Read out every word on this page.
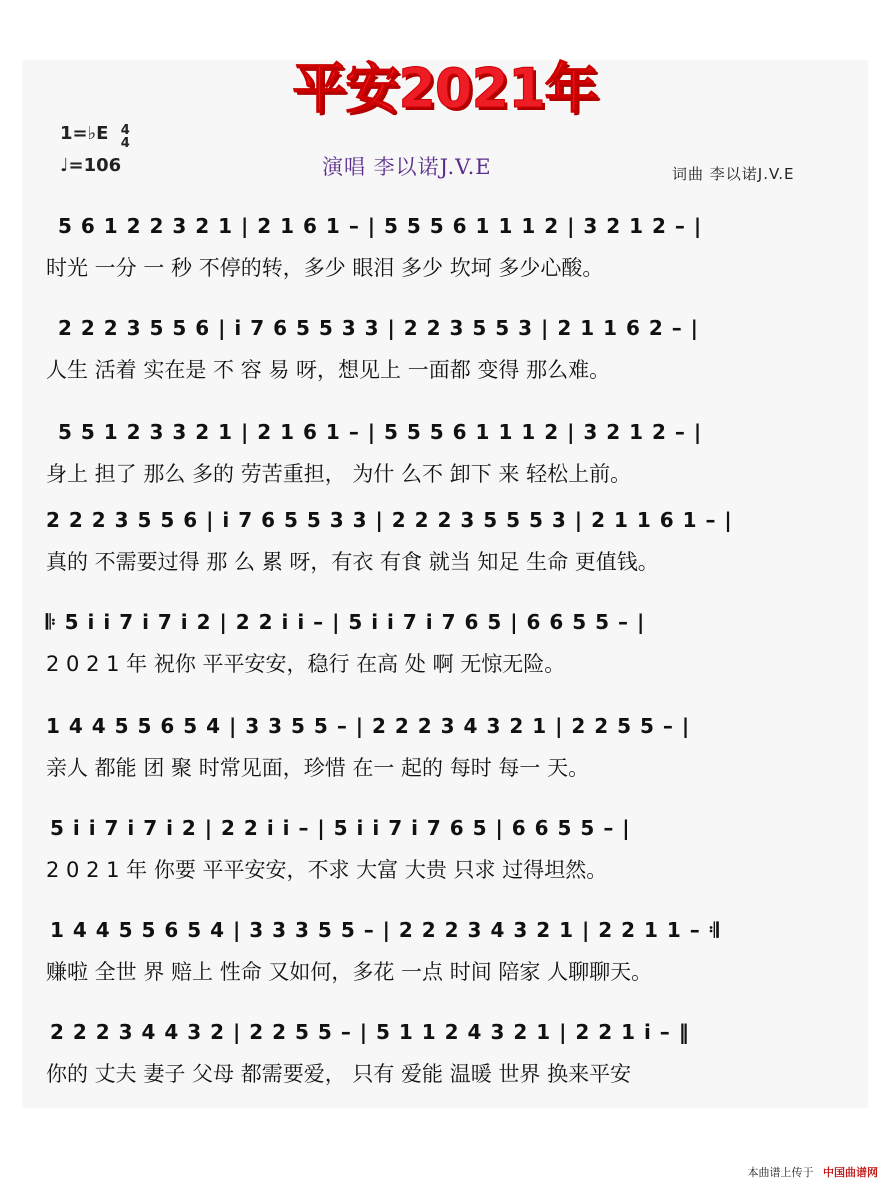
平安2021年
1=♭E 4
4
♩=106	演唱 李以诺J.V.E	词曲 李以诺J.V.E
5 6 1 2 2 3 2 1 | 2 1 6 1 – | 5 5 5 6 1 1 1 2 | 3 2 1 2 – |
时光 一分 一 秒 不停的转，多少 眼泪 多少 坎坷 多少心酸。
2 2 2 3 5 5 6 | i 7 6 5 5 3 3 | 2 2 3 5 5 3 | 2 1 1 6 2 – |
人生 活着 实在是 不 容 易 呀，想见上 一面都 变得 那么难。
5 5 1 2 3 3 2 1 | 2 1 6 1 – | 5 5 5 6 1 1 1 2 | 3 2 1 2 – |
身上 担了 那么 多的 劳苦重担， 为什 么不 卸下 来 轻松上前。
2 2 2 3 5 5 6 | i 7 6 5 5 3 3 | 2 2 2 3 5 5 5 3 | 2 1 1 6 1 – |
真的 不需要过得 那 么 累 呀，有衣 有食 就当 知足 生命 更值钱。
𝄆 5 i i 7 i 7 i 2 | 2 2 i i – | 5 i i 7 i 7 6 5 | 6 6 5 5 – |
2 0 2 1 年 祝你 平平安安，稳行 在高 处 啊 无惊无险。
1 4 4 5 5 6 5 4 | 3 3 5 5 – | 2 2 2 3 4 3 2 1 | 2 2 5 5 – |
亲人 都能 团 聚 时常见面，珍惜 在一 起的 每时 每一 天。
5 i i 7 i 7 i 2 | 2 2 i i – | 5 i i 7 i 7 6 5 | 6 6 5 5 – |
2 0 2 1 年 你要 平平安安，不求 大富 大贵 只求 过得坦然。
1 4 4 5 5 6 5 4 | 3 3 3 5 5 – | 2 2 2 3 4 3 2 1 | 2 2 1 1 – 𝄇
赚啦 全世 界 赔上 性命 又如何，多花 一点 时间 陪家 人聊聊天。
2 2 2 3 4 4 3 2 | 2 2 5 5 – | 5 1 1 2 4 3 2 1 | 2 2 1 i – ‖
你的 丈夫 妻子 父母 都需要爱， 只有 爱能 温暖 世界 换来平安
本曲谱上传于 中国曲谱网
